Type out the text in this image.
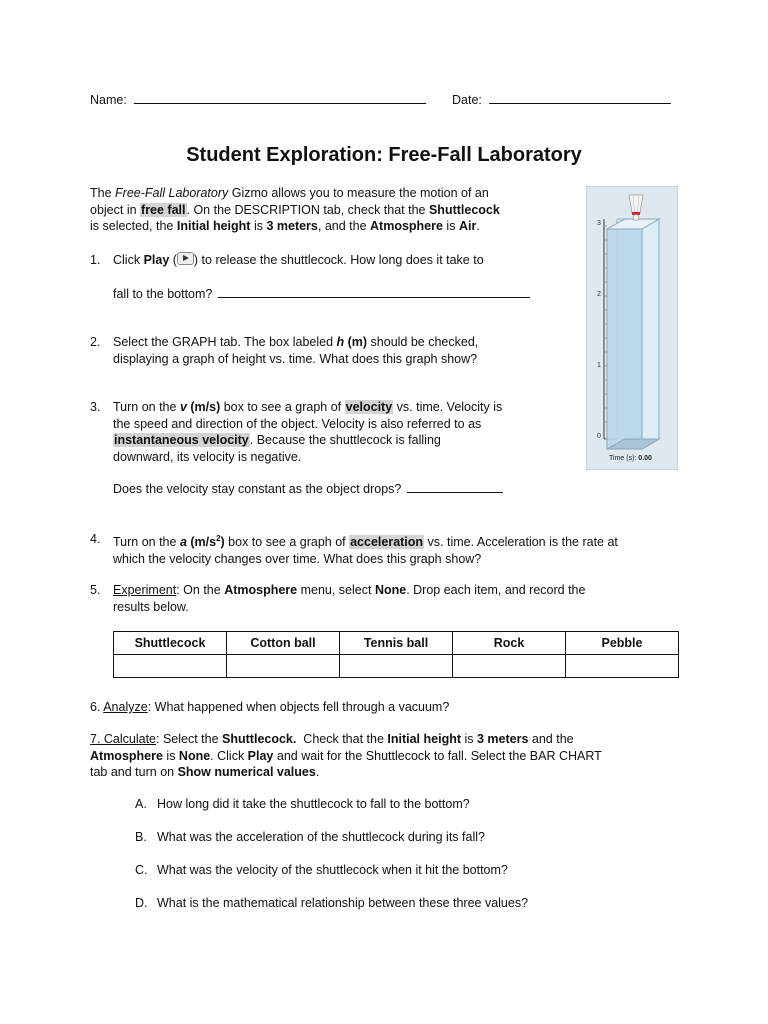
Name:	Date:
Student Exploration: Free-Fall Laboratory
The Free-Fall Laboratory Gizmo allows you to measure the motion of an
object in free fall. On the DESCRIPTION tab, check that the Shuttlecock
is selected, the Initial height is 3 meters, and the Atmosphere is Air.
1. Click Play ( ) to release the shuttlecock. How long does it take to
fall to the bottom?
2. Select the GRAPH tab. The box labeled h (m) should be checked,
displaying a graph of height vs. time. What does this graph show?
3. Turn on the v (m/s) box to see a graph of velocity vs. time. Velocity is
the speed and direction of the object. Velocity is also referred to as
instantaneous velocity. Because the shuttlecock is falling
downward, its velocity is negative.
Does the velocity stay constant as the object drops?
4. Turn on the a $(m/s^2)$ box to see a graph of acceleration vs. time. Acceleration is the rate at
which the velocity changes over time. What does this graph show?
5. Experiment: On the Atmosphere menu, select None. Drop each item, and record the
results below.
Shuttlecock	Cotton ball	Tennis ball	Rock	Pebble

6. Analyze: What happened when objects fell through a vacuum?
7. Calculate: Select the Shuttlecock.  Check that the Initial height is 3 meters and the
Atmosphere is None. Click Play and wait for the Shuttlecock to fall. Select the BAR CHART
tab and turn on Show numerical values.
A. How long did it take the shuttlecock to fall to the bottom?
B. What was the acceleration of the shuttlecock during its fall?
C. What was the velocity of the shuttlecock when it hit the bottom?
D. What is the mathematical relationship between these three values?
3
2
1
0
Time (s): 0.00
